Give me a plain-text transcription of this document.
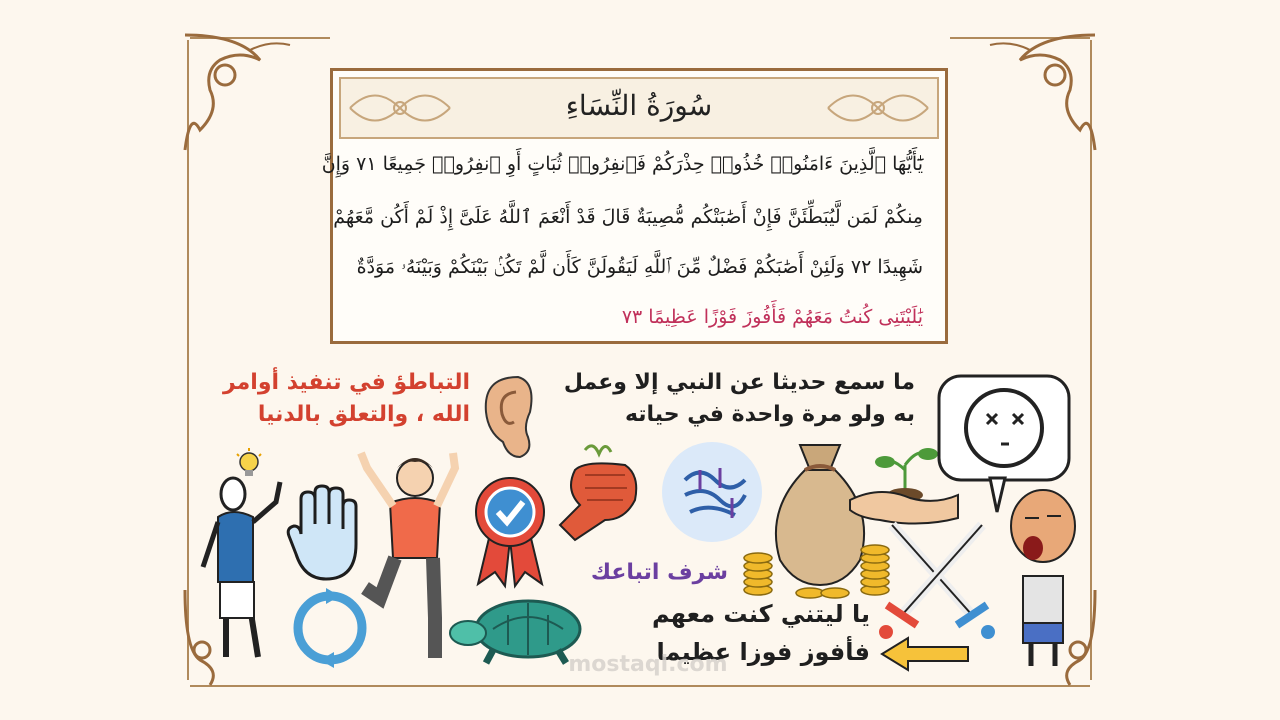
سُورَةُ النِّسَاءِ
يَٰٓأَيُّهَا ٱلَّذِينَ ءَامَنُوا۟ خُذُوا۟ حِذْرَكُمْ فَٱنفِرُوا۟ ثُبَاتٍ أَوِ ٱنفِرُوا۟ جَمِيعًا ٧١ وَإِنَّ
مِنكُمْ لَمَن لَّيُبَطِّئَنَّ فَإِنْ أَصَٰبَتْكُم مُّصِيبَةٌ قَالَ قَدْ أَنْعَمَ ٱللَّهُ عَلَىَّ إِذْ لَمْ أَكُن مَّعَهُمْ
شَهِيدًا ٧٢ وَلَئِنْ أَصَٰبَكُمْ فَضْلٌ مِّنَ ٱللَّهِ لَيَقُولَنَّ كَأَن لَّمْ تَكُنۢ بَيْنَكُمْ وَبَيْنَهُۥ مَوَدَّةٌ
يَٰلَيْتَنِى كُنتُ مَعَهُمْ فَأَفُوزَ فَوْزًا عَظِيمًا ٧٣
التباطؤ في تنفيذ أوامر
الله ، والتعلق بالدنيا
ما سمع حديثا عن النبي إلا وعمل
به ولو مرة واحدة في حياته
شرف اتباعك
يا ليتني كنت معهم
فأفوز فوزا عظيما
mostaql.com
